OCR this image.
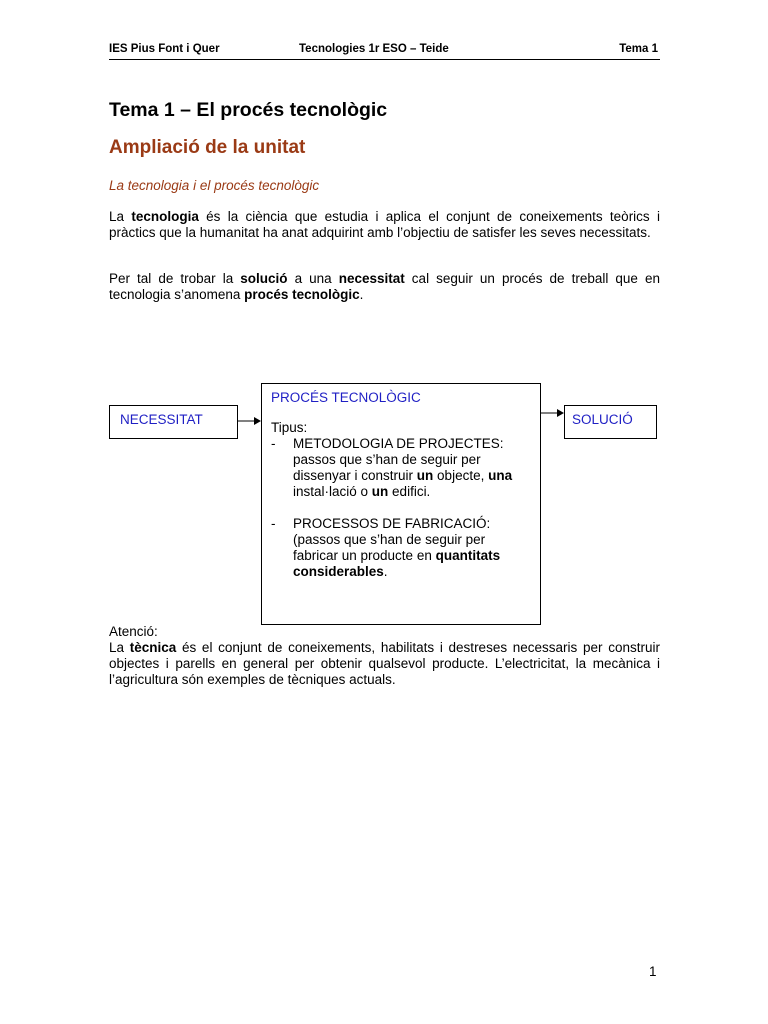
IES Pius Font i Quer	Tecnologies 1r ESO – Teide	Tema 1
Tema 1 – El procés tecnològic
Ampliació de la unitat
La tecnologia i el procés tecnològic

La tecnologia és la ciència que estudia i aplica el conjunt de coneixements teòrics i pràctics que la humanitat ha anat adquirint amb l’objectiu de satisfer les seves necessitats.

Per tal de trobar la solució a una necessitat cal seguir un procés de treball que en tecnologia s’anomena procés tecnològic.

NECESSITAT
PROCÉS TECNOLÒGIC
Tipus:
-	METODOLOGIA DE PROJECTES:
passos que s’han de seguir per dissenyar i construir un objecte, una instal·lació o un edifici.
-	PROCESSOS DE FABRICACIÓ:
(passos que s’han de seguir per fabricar un producte en quantitats considerables.
SOLUCIÓ
Atenció:

La tècnica és el conjunt de coneixements, habilitats i destreses necessaris per construir objectes i parells en general per obtenir qualsevol producte. L’electricitat, la mecànica i l’agricultura són exemples de tècniques actuals.

1
